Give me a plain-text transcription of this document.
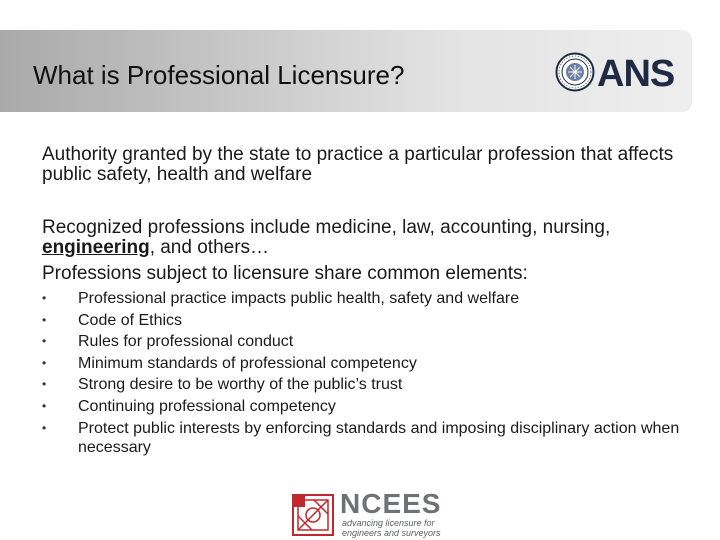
What is Professional Licensure?	ANS
Authority granted by the state to practice a particular profession that affects public safety, health and welfare
Recognized professions include medicine, law, accounting, nursing, engineering, and others…
Professions subject to licensure share common elements:
•	Professional practice impacts public health, safety and welfare
•	Code of Ethics
•	Rules for professional conduct
•	Minimum standards of professional competency
•	Strong desire to be worthy of the public’s trust
•	Continuing professional competency
•	Protect public interests by enforcing standards and imposing disciplinary action when necessary
NCEES
advancing licensure for
engineers and surveyors
